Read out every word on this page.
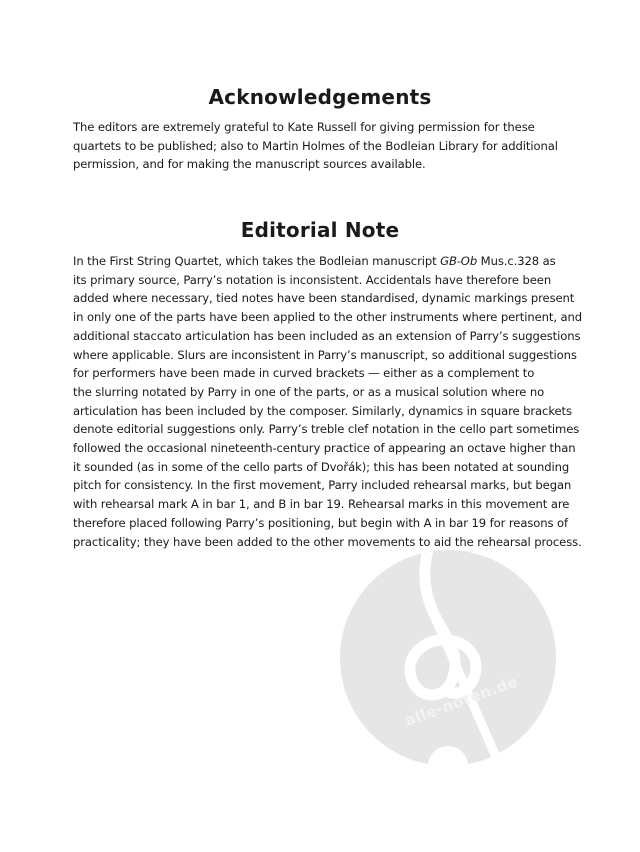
alle-noten.de
Acknowledgements
The editors are extremely grateful to Kate Russell for giving permission for these
quartets to be published; also to Martin Holmes of the Bodleian Library for additional
permission, and for making the manuscript sources available.
Editorial Note
In the First String Quartet, which takes the Bodleian manuscript GB-Ob Mus.c.328 as
its primary source, Parry’s notation is inconsistent. Accidentals have therefore been
added where necessary, tied notes have been standardised, dynamic markings present
in only one of the parts have been applied to the other instruments where pertinent, and
additional staccato articulation has been included as an extension of Parry’s suggestions
where applicable. Slurs are inconsistent in Parry’s manuscript, so additional suggestions
for performers have been made in curved brackets — either as a complement to
the slurring notated by Parry in one of the parts, or as a musical solution where no
articulation has been included by the composer. Similarly, dynamics in square brackets
denote editorial suggestions only. Parry’s treble clef notation in the cello part sometimes
followed the occasional nineteenth-century practice of appearing an octave higher than
it sounded (as in some of the cello parts of Dvořák); this has been notated at sounding
pitch for consistency. In the first movement, Parry included rehearsal marks, but began
with rehearsal mark A in bar 1, and B in bar 19. Rehearsal marks in this movement are
therefore placed following Parry’s positioning, but begin with A in bar 19 for reasons of
practicality; they have been added to the other movements to aid the rehearsal process.
